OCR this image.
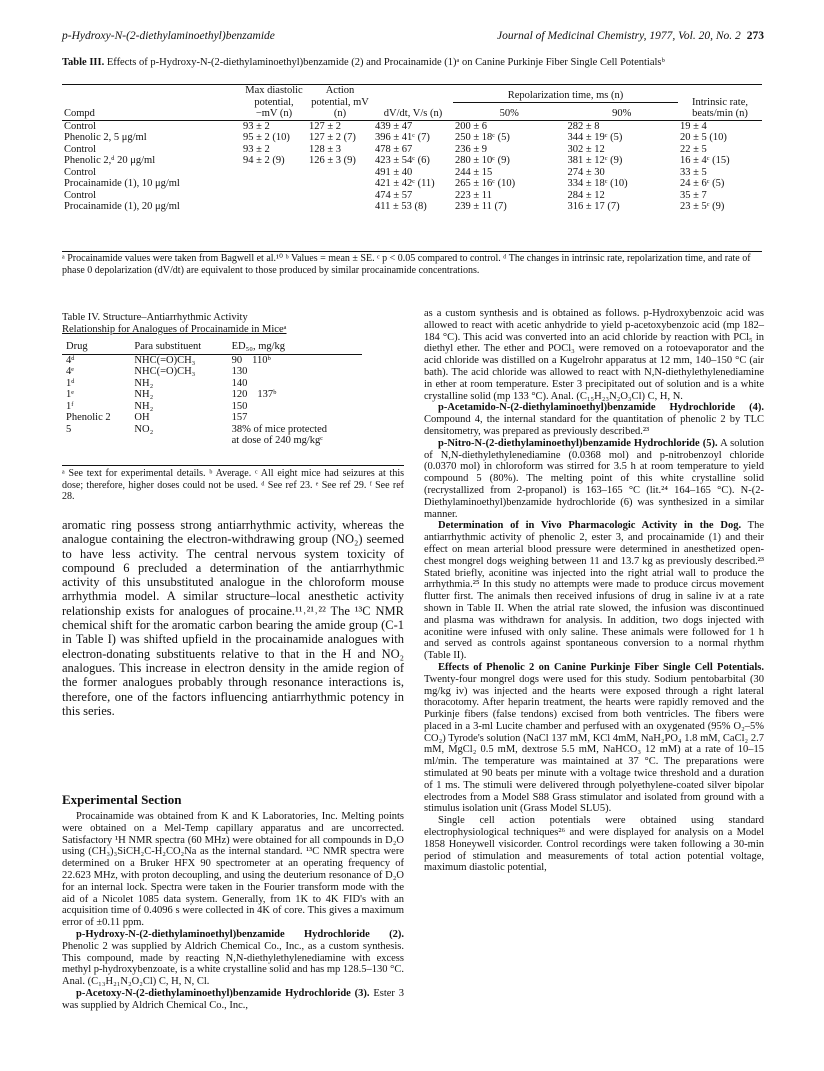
p-Hydroxy-N-(2-diethylaminoethyl)benzamide	Journal of Medicinal Chemistry, 1977, Vol. 20, No. 2 273
Table III. Effects of p-Hydroxy-N-(2-diethylaminoethyl)benzamide (2) and Procainamide (1)ᵃ on Canine Purkinje Fiber Single Cell Potentialsᵇ
Compd	Max diastolic potential, −mV (n)	Action potential, mV (n)	dV/dt, V/s (n)	Repolarization time, ms (n)		Intrinsic rate, beats/min (n)
				50%	90%	
Control	93 ± 2	127 ± 2	439 ± 47	200 ± 6	282 ± 8	19 ± 4
Phenolic 2, 5 μg/ml	95 ± 2 (10)	127 ± 2 (7)	396 ± 41ᶜ (7)	250 ± 18ᶜ (5)	344 ± 19ᶜ (5)	20 ± 5 (10)
Control	93 ± 2	128 ± 3	478 ± 67	236 ± 9	302 ± 12	22 ± 5
Phenolic 2,ᵈ 20 μg/ml	94 ± 2 (9)	126 ± 3 (9)	423 ± 54ᶜ (6)	280 ± 10ᶜ (9)	381 ± 12ᶜ (9)	16 ± 4ᶜ (15)
Control			491 ± 40	244 ± 15	274 ± 30	33 ± 5
Procainamide (1), 10 μg/ml			421 ± 42ᶜ (11)	265 ± 16ᶜ (10)	334 ± 18ᶜ (10)	24 ± 6ᶜ (5)
Control			474 ± 57	223 ± 11	284 ± 12	35 ± 7
Procainamide (1), 20 μg/ml			411 ± 53 (8)	239 ± 11 (7)	316 ± 17 (7)	23 ± 5ᶜ (9)
ᵃ Procainamide values were taken from Bagwell et al.¹⁰ ᵇ Values = mean ± SE. ᶜ p < 0.05 compared to control. ᵈ The changes in intrinsic rate, repolarization time, and rate of phase 0 depolarization (dV/dt) are equivalent to those produced by similar procainamide concentrations.
Table IV. Structure–Antiarrhythmic Activity
Relationship for Analogues of Procainamide in Miceᵃ
Drug	Para substituent	ED₅₀, mg/kg
4ᵈ	NHC(=O)CH₃	90 110ᵇ
4ᵉ	NHC(=O)CH₃	130
1ᵈ	NH₂	140
1ᵉ	NH₂	120 137ᵇ
1ᶠ	NH₂	150
Phenolic 2	OH	157
5	NO₂	38% of mice protected
		at dose of 240 mg/kgᶜ
ᵃ See text for experimental details. ᵇ Average. ᶜ All eight mice had seizures at this dose; therefore, higher doses could not be used. ᵈ See ref 23. ᵉ See ref 29. ᶠ See ref 28.

aromatic ring possess strong antiarrhythmic activity, whereas the analogue containing the electron-withdrawing group (NO₂) seemed to have less activity. The central nervous system toxicity of compound 6 precluded a determination of the antiarrhythmic activity of this unsubstituted analogue in the chloroform mouse arrhythmia model. A similar structure–local anesthetic activity relationship exists for analogues of procaine.¹¹˒²¹˒²² The ¹³C NMR chemical shift for the aromatic carbon bearing the amide group (C-1 in Table I) was shifted upfield in the procainamide analogues with electron-donating substituents relative to that in the H and NO₂ analogues. This increase in electron density in the amide region of the former analogues probably through resonance interactions is, therefore, one of the factors influencing antiarrhythmic potency in this series.

Experimental Section

Procainamide was obtained from K and K Laboratories, Inc. Melting points were obtained on a Mel-Temp capillary apparatus and are uncorrected. Satisfactory ¹H NMR spectra (60 MHz) were obtained for all compounds in D₂O using (CH₃)₃SiCH₂C-H₂CO₂Na as the internal standard. ¹³C NMR spectra were determined on a Bruker HFX 90 spectrometer at an operating frequency of 22.623 MHz, with proton decoupling, and using the deuterium resonance of D₂O for an internal lock. Spectra were taken in the Fourier transform mode with the aid of a Nicolet 1085 data system. Generally, from 1K to 4K FID's with an acquisition time of 0.4096 s were collected in 4K of core. This gives a maximum error of ±0.11 ppm.

p-Hydroxy-N-(2-diethylaminoethyl)benzamide Hydrochloride (2). Phenolic 2 was supplied by Aldrich Chemical Co., Inc., as a custom synthesis. This compound, made by reacting N,N-diethylethylenediamine with excess methyl p-hydroxybenzoate, is a white crystalline solid and has mp 128.5–130 °C. Anal. (C₁₃H₂₁N₂O₂Cl) C, H, N, Cl.

p-Acetoxy-N-(2-diethylaminoethyl)benzamide Hydrochloride (3). Ester 3 was supplied by Aldrich Chemical Co., Inc.,

as a custom synthesis and is obtained as follows. p-Hydroxybenzoic acid was allowed to react with acetic anhydride to yield p-acetoxybenzoic acid (mp 182–184 °C). This acid was converted into an acid chloride by reaction with PCl₅ in diethyl ether. The ether and POCl₃ were removed on a rotoevaporator and the acid chloride was distilled on a Kugelrohr apparatus at 12 mm, 140–150 °C (air bath). The acid chloride was allowed to react with N,N-diethylethylenediamine in ether at room temperature. Ester 3 precipitated out of solution and is a white crystalline solid (mp 133 °C). Anal. (C₁₅H₂₃N₂O₃Cl) C, H, N.

p-Acetamido-N-(2-diethylaminoethyl)benzamide Hydrochloride (4). Compound 4, the internal standard for the quantitation of phenolic 2 by TLC densitometry, was prepared as previously described.²³

p-Nitro-N-(2-diethylaminoethyl)benzamide Hydrochloride (5). A solution of N,N-diethylethylenediamine (0.0368 mol) and p-nitrobenzoyl chloride (0.0370 mol) in chloroform was stirred for 3.5 h at room temperature to yield compound 5 (80%). The melting point of this white crystalline solid (recrystallized from 2-propanol) is 163–165 °C (lit.²⁴ 164–165 °C). N-(2-Diethylaminoethyl)benzamide hydrochloride (6) was synthesized in a similar manner.

Determination of in Vivo Pharmacologic Activity in the Dog. The antiarrhythmic activity of phenolic 2, ester 3, and procainamide (1) and their effect on mean arterial blood pressure were determined in anesthetized open-chest mongrel dogs weighing between 11 and 13.7 kg as previously described.²³ Stated briefly, aconitine was injected into the right atrial wall to produce the arrhythmia.²⁵ In this study no attempts were made to produce circus movement flutter first. The animals then received infusions of drug in saline iv at a rate shown in Table II. When the atrial rate slowed, the infusion was discontinued and plasma was withdrawn for analysis. In addition, two dogs injected with aconitine were infused with only saline. These animals were followed for 1 h and served as controls against spontaneous conversion to a normal rhythm (Table II).

Effects of Phenolic 2 on Canine Purkinje Fiber Single Cell Potentials. Twenty-four mongrel dogs were used for this study. Sodium pentobarbital (30 mg/kg iv) was injected and the hearts were exposed through a right lateral thoracotomy. After heparin treatment, the hearts were rapidly removed and the Purkinje fibers (false tendons) excised from both ventricles. The fibers were placed in a 3-ml Lucite chamber and perfused with an oxygenated (95% O₂–5% CO₂) Tyrode's solution (NaCl 137 mM, KCl 4mM, NaH₂PO₄ 1.8 mM, CaCl₂ 2.7 mM, MgCl₂ 0.5 mM, dextrose 5.5 mM, NaHCO₃ 12 mM) at a rate of 10–15 ml/min. The temperature was maintained at 37 °C. The preparations were stimulated at 90 beats per minute with a voltage twice threshold and a duration of 1 ms. The stimuli were delivered through polyethylene-coated silver bipolar electrodes from a Model S88 Grass stimulator and isolated from ground with a stimulus isolation unit (Grass Model SLU5).

Single cell action potentials were obtained using standard electrophysiological techniques²⁶ and were displayed for analysis on a Model 1858 Honeywell visicorder. Control recordings were taken following a 30-min period of stimulation and measurements of total action potential voltage, maximum diastolic potential,
